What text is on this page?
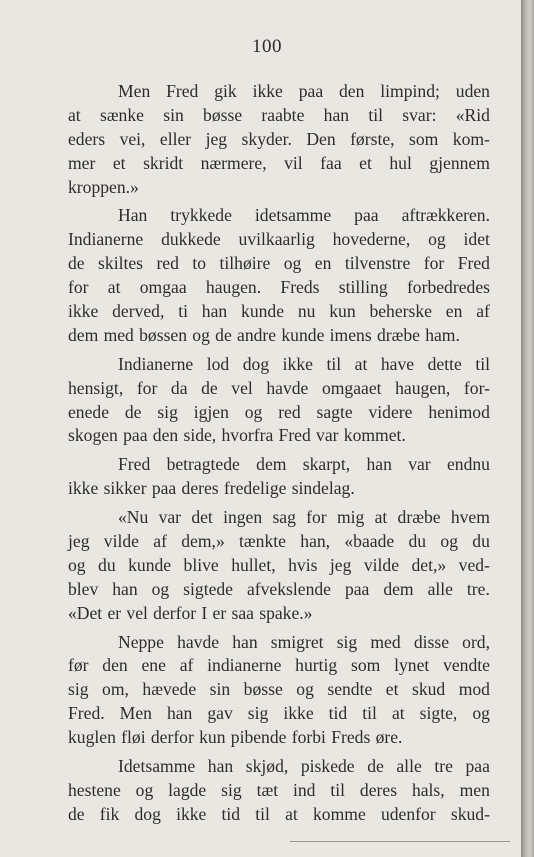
100
Men Fred gik ikke paa den limpind; uden
at sænke sin bøsse raabte han til svar: «Rid
eders vei, eller jeg skyder. Den første, som kom-
mer et skridt nærmere, vil faa et hul gjennem
kroppen.»
Han trykkede idetsamme paa aftrækkeren.
Indianerne dukkede uvilkaarlig hovederne, og idet
de skiltes red to tilhøire og en tilvenstre for Fred
for at omgaa haugen. Freds stilling forbedredes
ikke derved, ti han kunde nu kun beherske en af
dem med bøssen og de andre kunde imens dræbe ham.
Indianerne lod dog ikke til at have dette til
hensigt, for da de vel havde omgaaet haugen, for-
enede de sig igjen og red sagte videre henimod
skogen paa den side, hvorfra Fred var kommet.
Fred betragtede dem skarpt, han var endnu
ikke sikker paa deres fredelige sindelag.
«Nu var det ingen sag for mig at dræbe hvem
jeg vilde af dem,» tænkte han, «baade du og du
og du kunde blive hullet, hvis jeg vilde det,» ved-
blev han og sigtede afvekslende paa dem alle tre.
«Det er vel derfor I er saa spake.»
Neppe havde han smigret sig med disse ord,
før den ene af indianerne hurtig som lynet vendte
sig om, hævede sin bøsse og sendte et skud mod
Fred. Men han gav sig ikke tid til at sigte, og
kuglen fløi derfor kun pibende forbi Freds øre.
Idetsamme han skjød, piskede de alle tre paa
hestene og lagde sig tæt ind til deres hals, men
de fik dog ikke tid til at komme udenfor skud-
